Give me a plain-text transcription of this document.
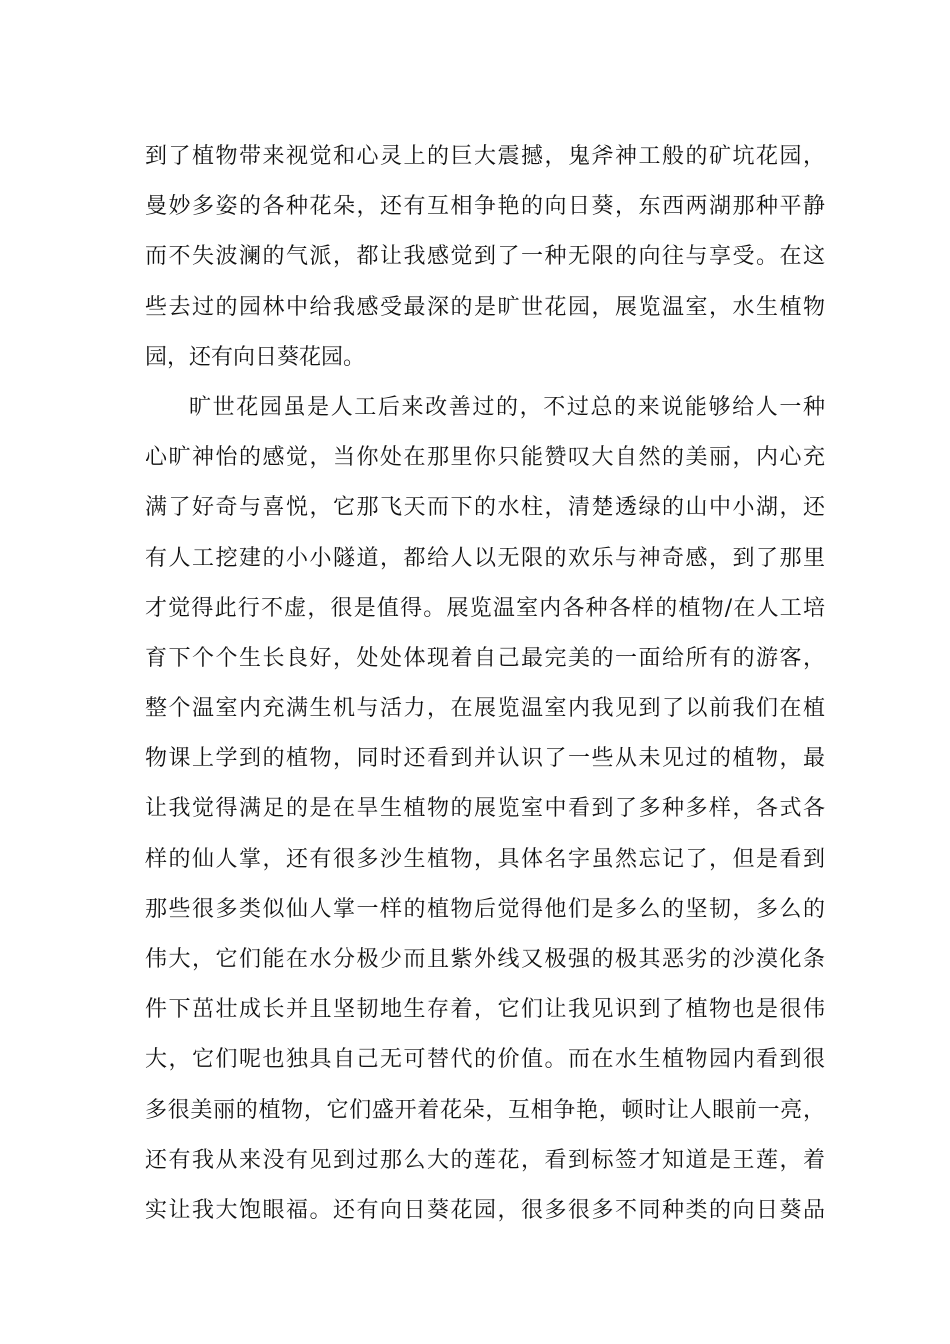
到了植物带来视觉和心灵上的巨大震撼，鬼斧神工般的矿坑花园，
曼妙多姿的各种花朵，还有互相争艳的向日葵，东西两湖那种平静
而不失波澜的气派，都让我感觉到了一种无限的向往与享受。在这
些去过的园林中给我感受最深的是旷世花园，展览温室，水生植物
园，还有向日葵花园。
旷世花园虽是人工后来改善过的，不过总的来说能够给人一种
心旷神怡的感觉，当你处在那里你只能赞叹大自然的美丽，内心充
满了好奇与喜悦，它那飞天而下的水柱，清楚透绿的山中小湖，还
有人工挖建的小小隧道，都给人以无限的欢乐与神奇感，到了那里
才觉得此行不虚，很是值得。展览温室内各种各样的植物/在人工培
育下个个生长良好，处处体现着自己最完美的一面给所有的游客，
整个温室内充满生机与活力，在展览温室内我见到了以前我们在植
物课上学到的植物，同时还看到并认识了一些从未见过的植物，最
让我觉得满足的是在旱生植物的展览室中看到了多种多样，各式各
样的仙人掌，还有很多沙生植物，具体名字虽然忘记了，但是看到
那些很多类似仙人掌一样的植物后觉得他们是多么的坚韧，多么的
伟大，它们能在水分极少而且紫外线又极强的极其恶劣的沙漠化条
件下茁壮成长并且坚韧地生存着，它们让我见识到了植物也是很伟
大，它们呢也独具自己无可替代的价值。而在水生植物园内看到很
多很美丽的植物，它们盛开着花朵，互相争艳，顿时让人眼前一亮，
还有我从来没有见到过那么大的莲花，看到标签才知道是王莲，着
实让我大饱眼福。还有向日葵花园，很多很多不同种类的向日葵品
